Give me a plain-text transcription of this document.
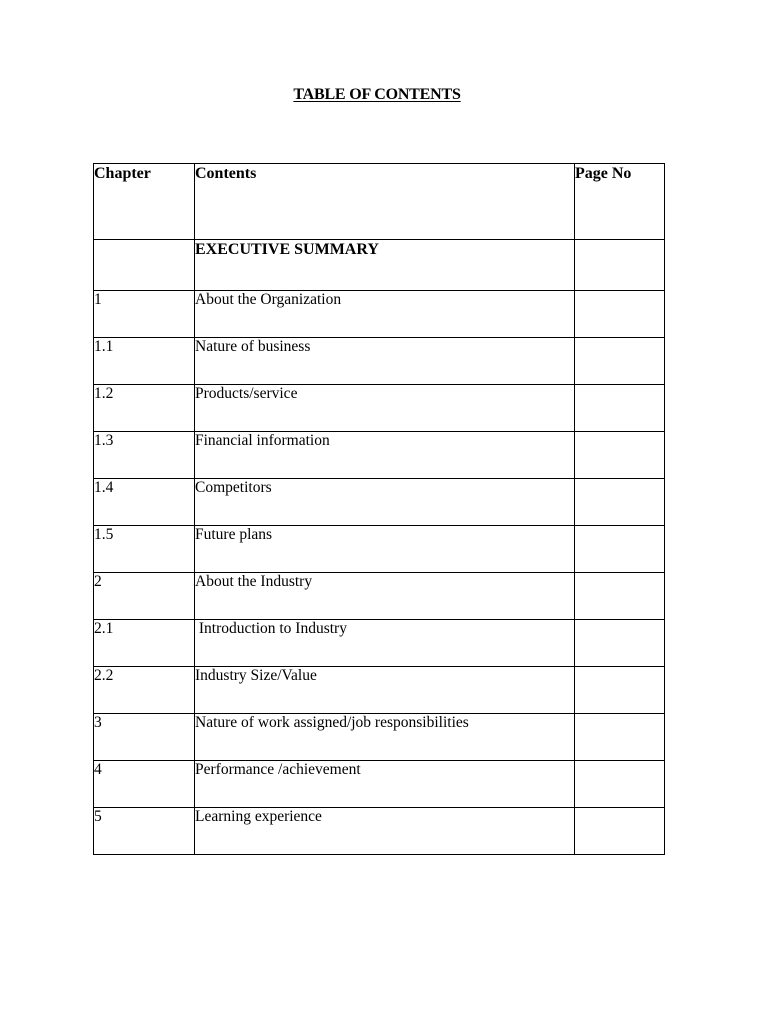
TABLE OF CONTENTS
Chapter	Contents	Page No
	EXECUTIVE SUMMARY	
1	About the Organization	
1.1	Nature of business	
1.2	Products/service	
1.3	Financial information	
1.4	Competitors	
1.5	Future plans	
2	About the Industry	
2.1	Introduction to Industry	
2.2	Industry Size/Value	
3	Nature of work assigned/job responsibilities	
4	Performance /achievement	
5	Learning experience	
